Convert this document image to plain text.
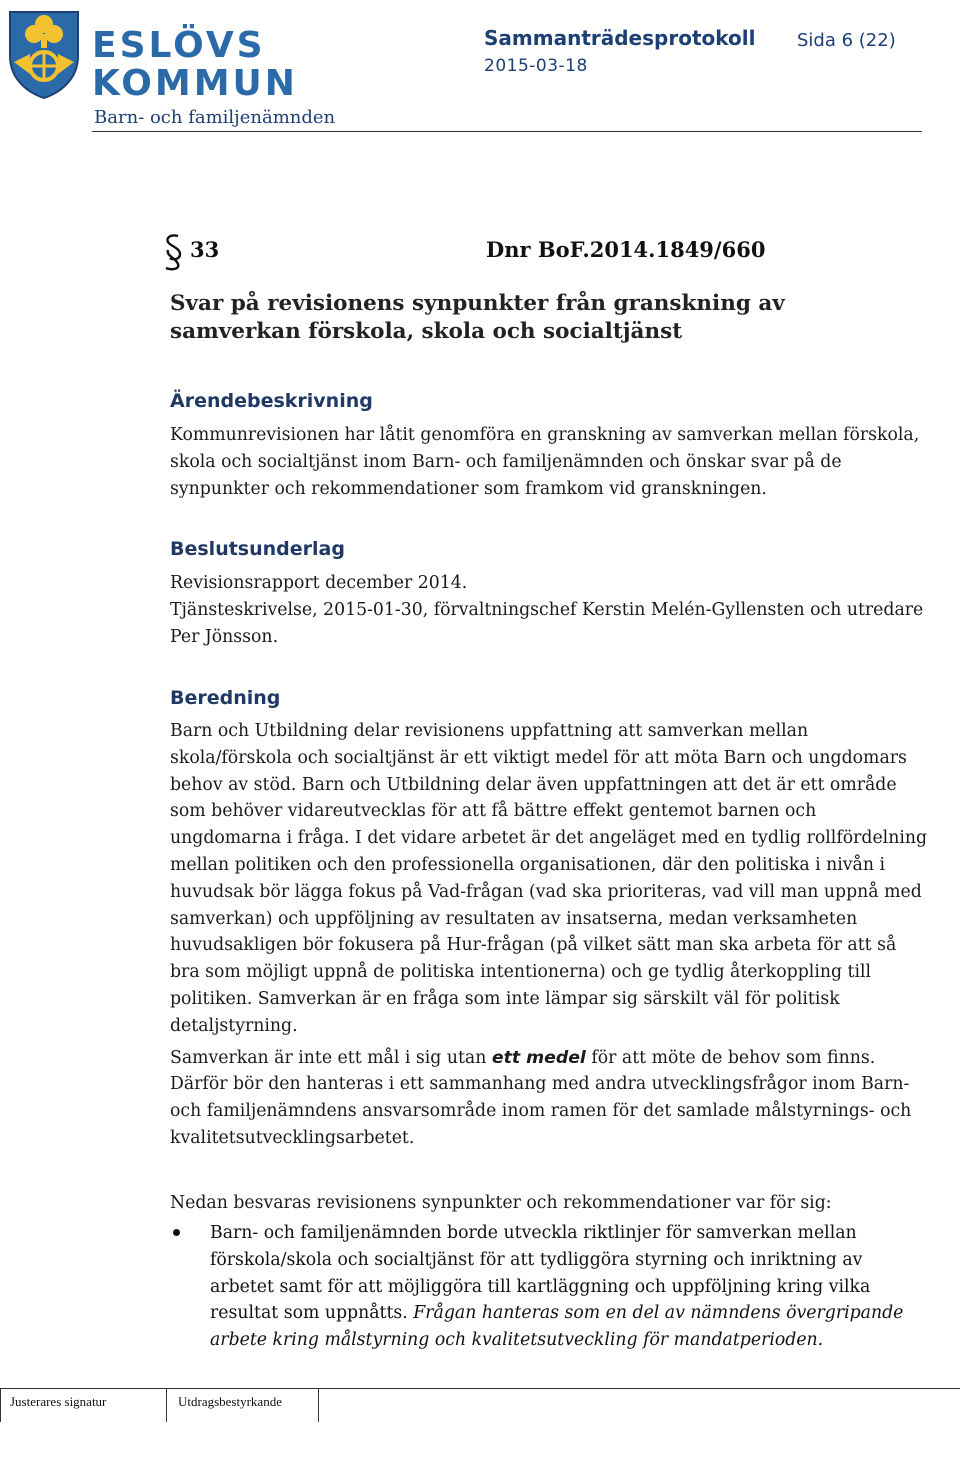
ESLÖVS
KOMMUN
Sammanträdesprotokoll Sida 6 (22)
2015-03-18
Barn- och familjenämnden
33	Dnr BoF.2014.1849/660
Svar på revisionens synpunkter från granskning av samverkan förskola, skola och socialtjänst
Ärendebeskrivning

Kommunrevisionen har låtit genomföra en granskning av samverkan mellan förskola, skola och socialtjänst inom Barn- och familjenämnden och önskar svar på de synpunkter och rekommendationer som framkom vid granskningen.

Beslutsunderlag

Revisionsrapport december 2014.

Tjänsteskrivelse, 2015-01-30, förvaltningschef Kerstin Melén-Gyllensten och utredare Per Jönsson.

Beredning

Barn och Utbildning delar revisionens uppfattning att samverkan mellan skola/förskola och socialtjänst är ett viktigt medel för att möta Barn och ungdomars behov av stöd. Barn och Utbildning delar även uppfattningen att det är ett område som behöver vidareutvecklas för att få bättre effekt gentemot barnen och ungdomarna i fråga. I det vidare arbetet är det angeläget med en tydlig rollfördelning mellan politiken och den professionella organisationen, där den politiska i nivån i huvudsak bör lägga fokus på Vad-frågan (vad ska prioriteras, vad vill man uppnå med samverkan) och uppföljning av resultaten av insatserna, medan verksamheten huvudsakligen bör fokusera på Hur-frågan (på vilket sätt man ska arbeta för att så bra som möjligt uppnå de politiska intentionerna) och ge tydlig återkoppling till politiken. Samverkan är en fråga som inte lämpar sig särskilt väl för politisk detaljstyrning.

Samverkan är inte ett mål i sig utan ett medel för att möte de behov som finns. Därför bör den hanteras i ett sammanhang med andra utvecklingsfrågor inom Barn- och familjenämndens ansvarsområde inom ramen för det samlade målstyrnings- och kvalitetsutvecklingsarbetet.

Nedan besvaras revisionens synpunkter och rekommendationer var för sig:

Barn- och familjenämnden borde utveckla riktlinjer för samverkan mellan förskola/skola och socialtjänst för att tydliggöra styrning och inriktning av arbetet samt för att möjliggöra till kartläggning och uppföljning kring vilka resultat som uppnåtts. Frågan hanteras som en del av nämndens övergripande arbete kring målstyrning och kvalitetsutveckling för mandatperioden.
Justerares signatur	Utdragsbestyrkande
